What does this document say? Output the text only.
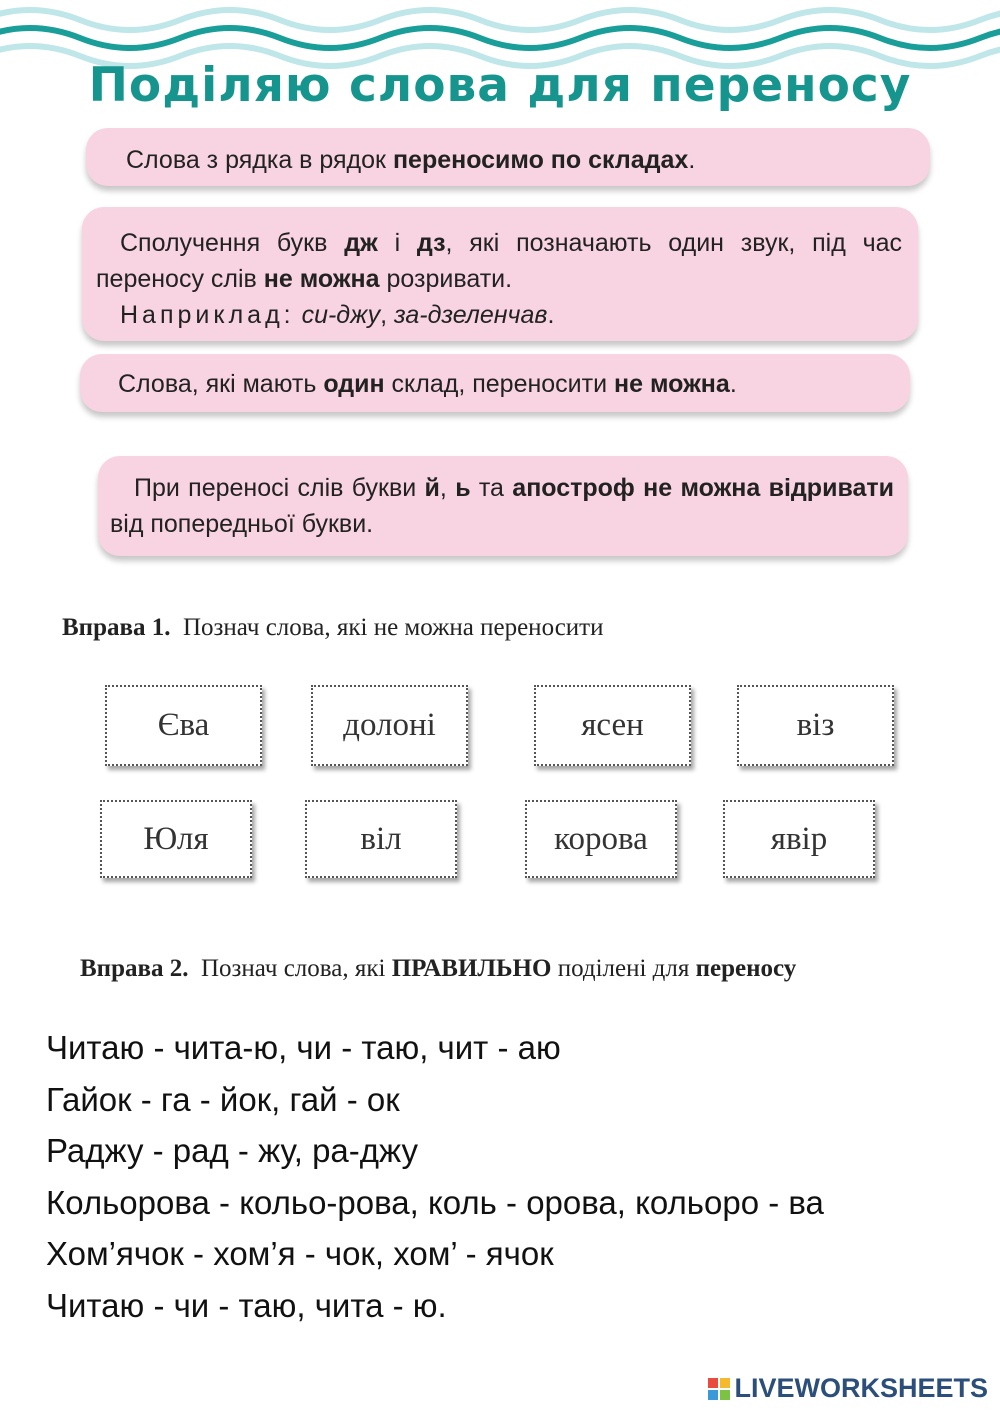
Поділяю слова для переносу
Слова з рядка в рядок переносимо по складах.
Сполучення букв дж і дз, які позначають один звук, під час переносу слів не можна розривати.
Наприклад: си-джу, за-дзеленчав.
Слова, які мають один склад, переносити не можна.
При переносі слів букви й, ь та апостроф не можна відривати від попередньої букви.
Вправа 1. Познач слова, які не можна переносити
Єва	долоні	ясен	віз
Юля	віл	корова	явір
Вправа 2. Познач слова, які ПРАВИЛЬНО поділені для переносу
Читаю - чита-ю, чи - таю, чит - аю
Гайок - га - йок, гай - ок
Раджу - рад - жу, ра-джу
Кольорова - кольо-рова, коль - орова, кольоро - ва
Хом’ячок - хом’я - чок, хом’ - ячок
Читаю - чи - таю, чита - ю.
LIVEWORKSHEETS
